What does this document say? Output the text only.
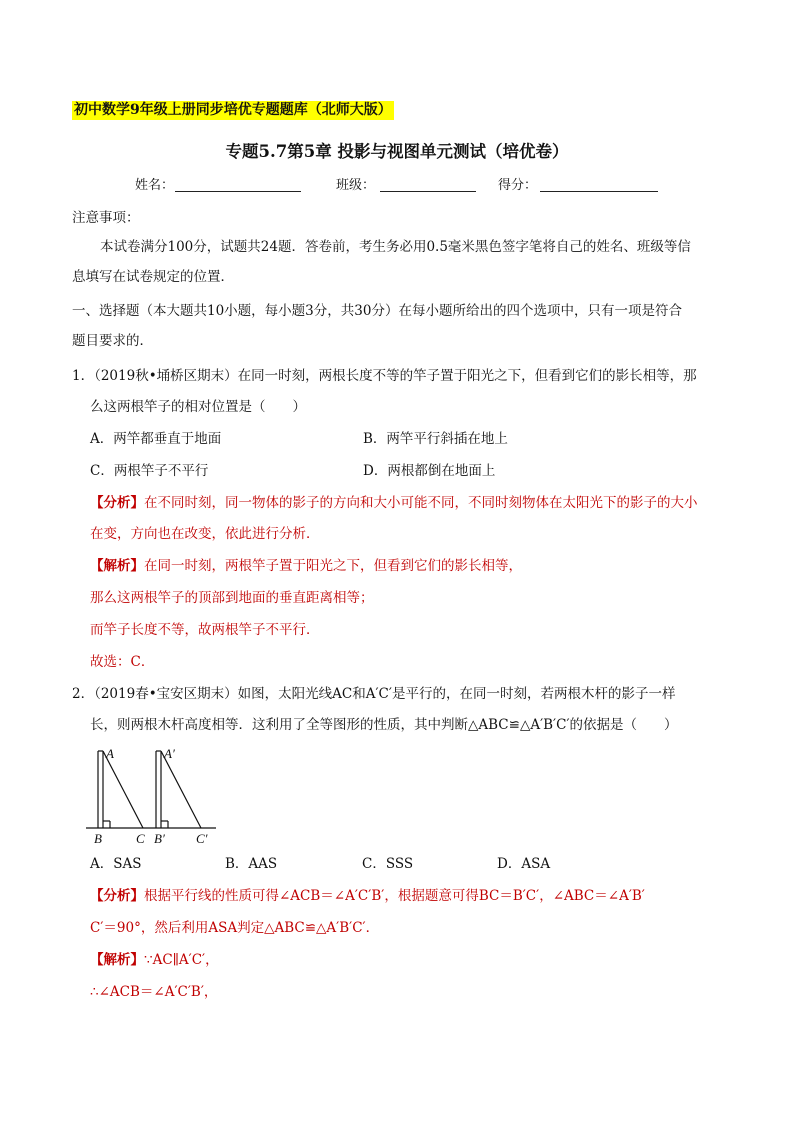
初中数学9年级上册同步培优专题题库（北师大版）
专题5.7第5章 投影与视图单元测试（培优卷）
姓名：	班级：	得分：
注意事项：
本试卷满分100分，试题共24题．答卷前，考生务必用0.5毫米黑色签字笔将自己的姓名、班级等信
息填写在试卷规定的位置．
一、选择题（本大题共10小题，每小题3分，共30分）在每小题所给出的四个选项中，只有一项是符合
题目要求的．
1．（2019秋•埇桥区期末）在同一时刻，两根长度不等的竿子置于阳光之下，但看到它们的影长相等，那
么这两根竿子的相对位置是（　　）
A．两竿都垂直于地面	B．两竿平行斜插在地上
C．两根竿子不平行	D．两根都倒在地面上
【分析】在不同时刻，同一物体的影子的方向和大小可能不同，不同时刻物体在太阳光下的影子的大小
在变，方向也在改变，依此进行分析．
【解析】在同一时刻，两根竿子置于阳光之下，但看到它们的影长相等，
那么这两根竿子的顶部到地面的垂直距离相等；
而竿子长度不等，故两根竿子不平行．
故选：C．
2．（2019春•宝安区期末）如图，太阳光线AC和A′C′是平行的，在同一时刻，若两根木杆的影子一样
长，则两根木杆高度相等．这利用了全等图形的性质，其中判断△ABC≌△A′B′C′的依据是（　　）
A
B	C
A′
B′ C′
A．SAS	B．AAS	C．SSS	D．ASA
【分析】根据平行线的性质可得∠ACB＝∠A′C′B′，根据题意可得BC＝B′C′，∠ABC＝∠A′B′
C′＝90°，然后利用ASA判定△ABC≌△A′B′C′．
【解析】∵AC∥A′C′，
∴∠ACB＝∠A′C′B′，
